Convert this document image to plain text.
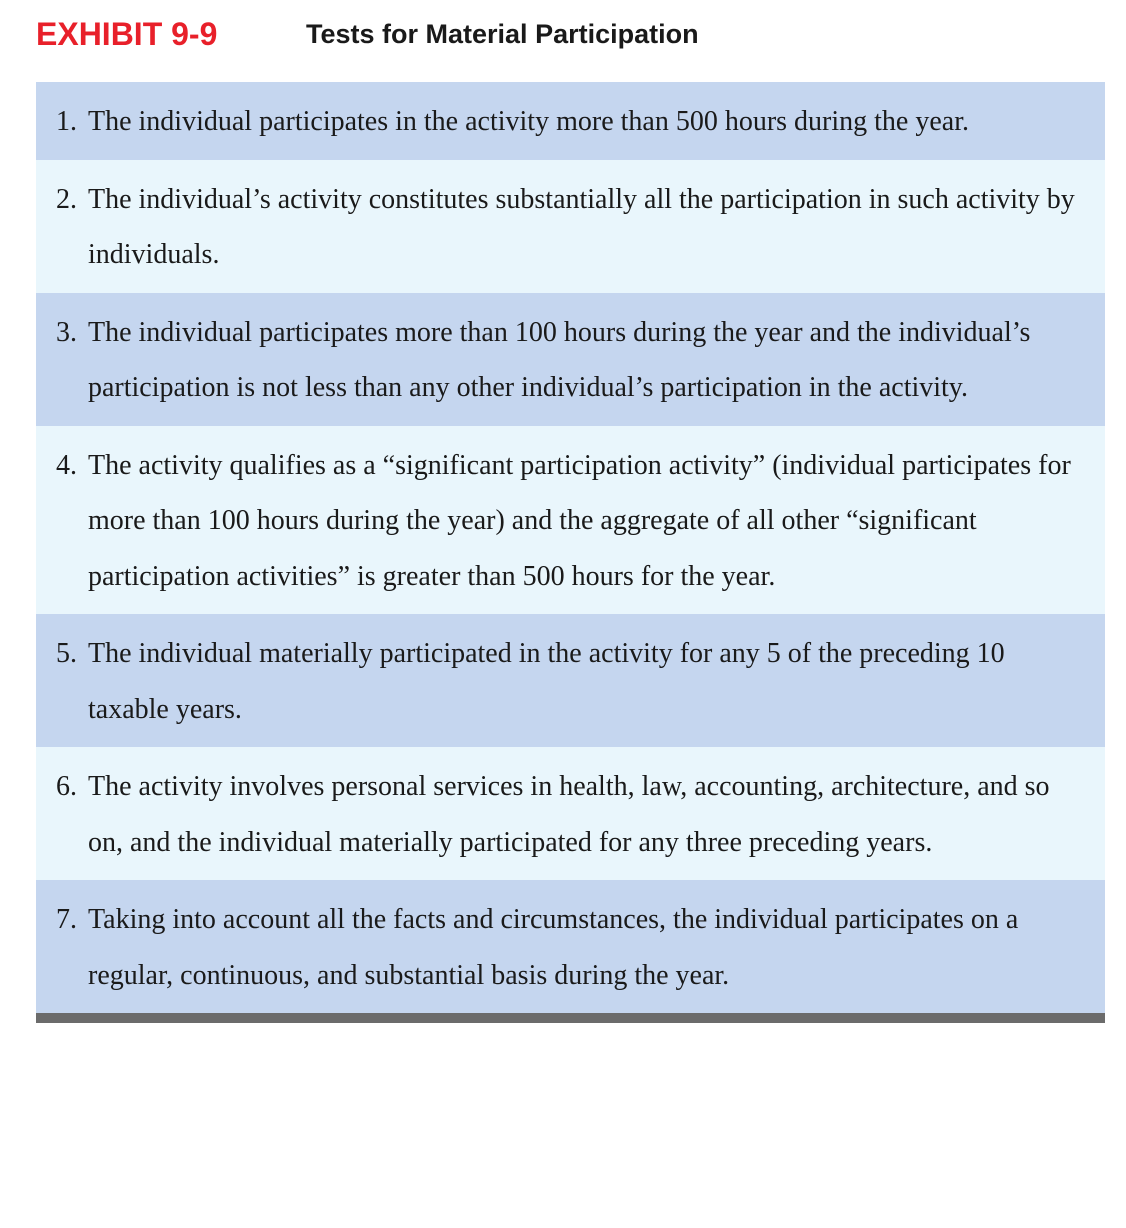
EXHIBIT 9-9	Tests for Material Participation
1. The individual participates in the activity more than 500 hours during the year.
2. The individual’s activity constitutes substantially all the participation in such activity by individuals.
3. The individual participates more than 100 hours during the year and the individual’s participation is not less than any other individual’s participation in the activity.
4. The activity qualifies as a “significant participation activity” (individual participates for more than 100 hours during the year) and the aggregate of all other “significant participation activities” is greater than 500 hours for the year.
5. The individual materially participated in the activity for any 5 of the preceding 10 taxable years.
6. The activity involves personal services in health, law, accounting, architecture, and so on, and the individual materially participated for any three preceding years.
7. Taking into account all the facts and circumstances, the individual participates on a regular, continuous, and substantial basis during the year.
